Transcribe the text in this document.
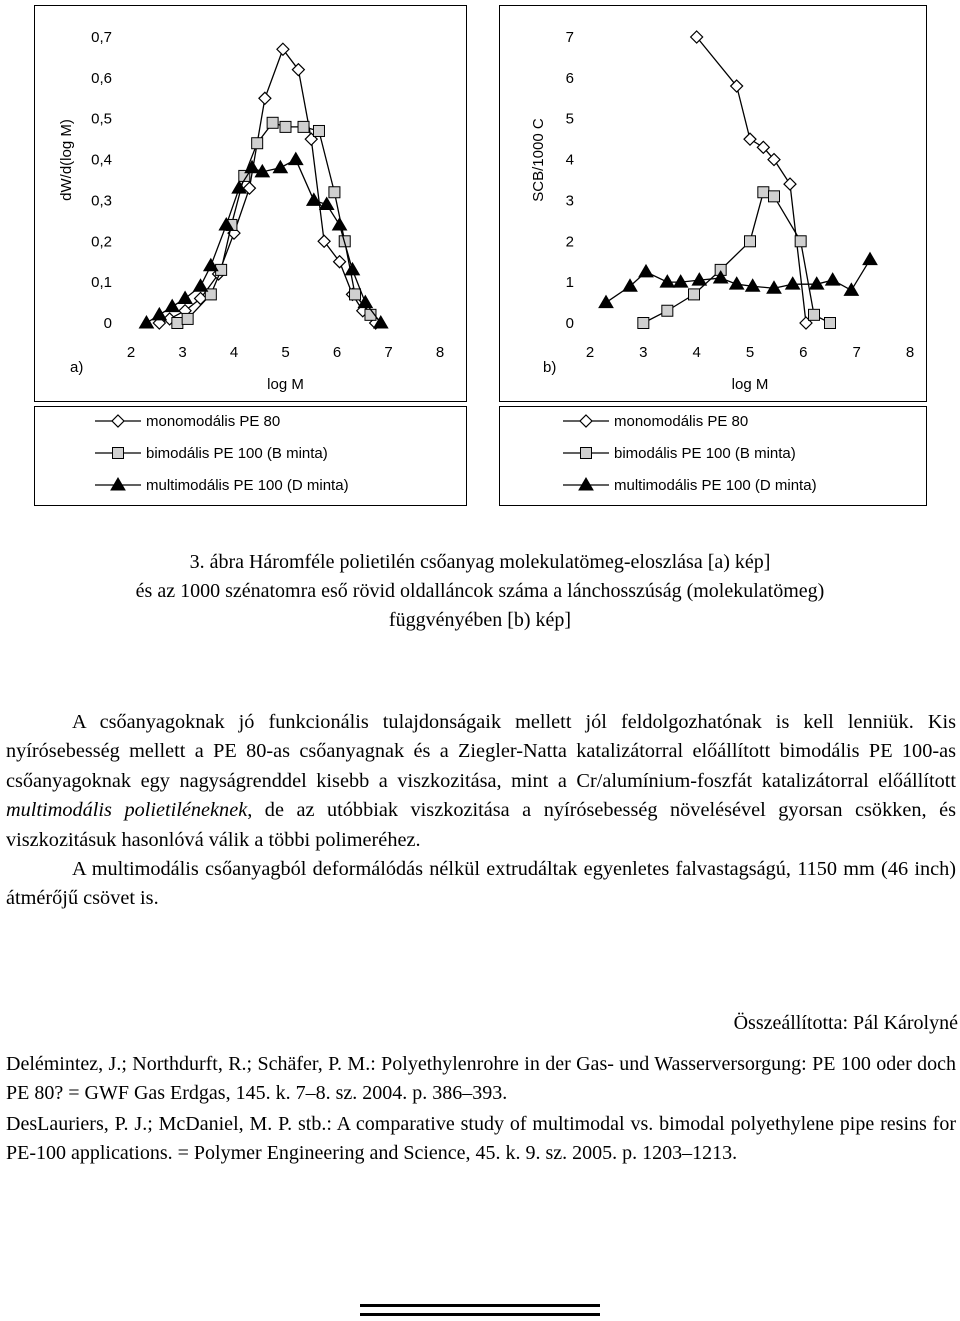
0
0,1
0,2
0,3
0,4
0,5
0,6
0,7
2	3	4	5	6	7	8
log M
dW/d(log M)
a)
0
1
2
3
4
5
6
7
2	3	4	5	6	7	8
log M
SCB/1000 C
b)
monomodális PE 80
bimodális PE 100 (B minta)
multimodális PE 100 (D minta)
monomodális PE 80
bimodális PE 100 (B minta)
multimodális PE 100 (D minta)
3. ábra Háromféle polietilén csőanyag molekulatömeg-eloszlása [a) kép]
és az 1000 szénatomra eső rövid oldalláncok száma a lánchosszúság (molekulatömeg)
függvényében [b) kép]

A csőanyagoknak jó funkcionális tulajdonságaik mellett jól feldolgozhatónak is kell lenniük. Kis nyírósebesség mellett a PE 80-as csőanyagnak és a Ziegler-Natta katalizátorral előállított bimodális PE 100-as csőanyagoknak egy nagyságrenddel kisebb a viszkozitása, mint a Cr/alumínium-foszfát katalizátorral előállított multimodális polietiléneknek, de az utóbbiak viszkozitása a nyírósebesség növelésével gyorsan csökken, és viszkozitásuk hasonlóvá válik a többi polimeréhez.

A multimodális csőanyagból deformálódás nélkül extrudáltak egyenletes falvastagságú, 1150 mm (46 inch) átmérőjű csövet is.

Összeállította: Pál Károlyné

Delémintez, J.; Northdurft, R.; Schäfer, P. M.: Polyethylenrohre in der Gas- und Wasserversorgung: PE 100 oder doch PE 80? = GWF Gas Erdgas, 145. k. 7–8. sz. 2004. p. 386–393.

DesLauriers, P. J.; McDaniel, M. P. stb.: A comparative study of multimodal vs. bimodal polyethylene pipe resins for PE-100 applications. = Polymer Engineering and Science, 45. k. 9. sz. 2005. p. 1203–1213.
